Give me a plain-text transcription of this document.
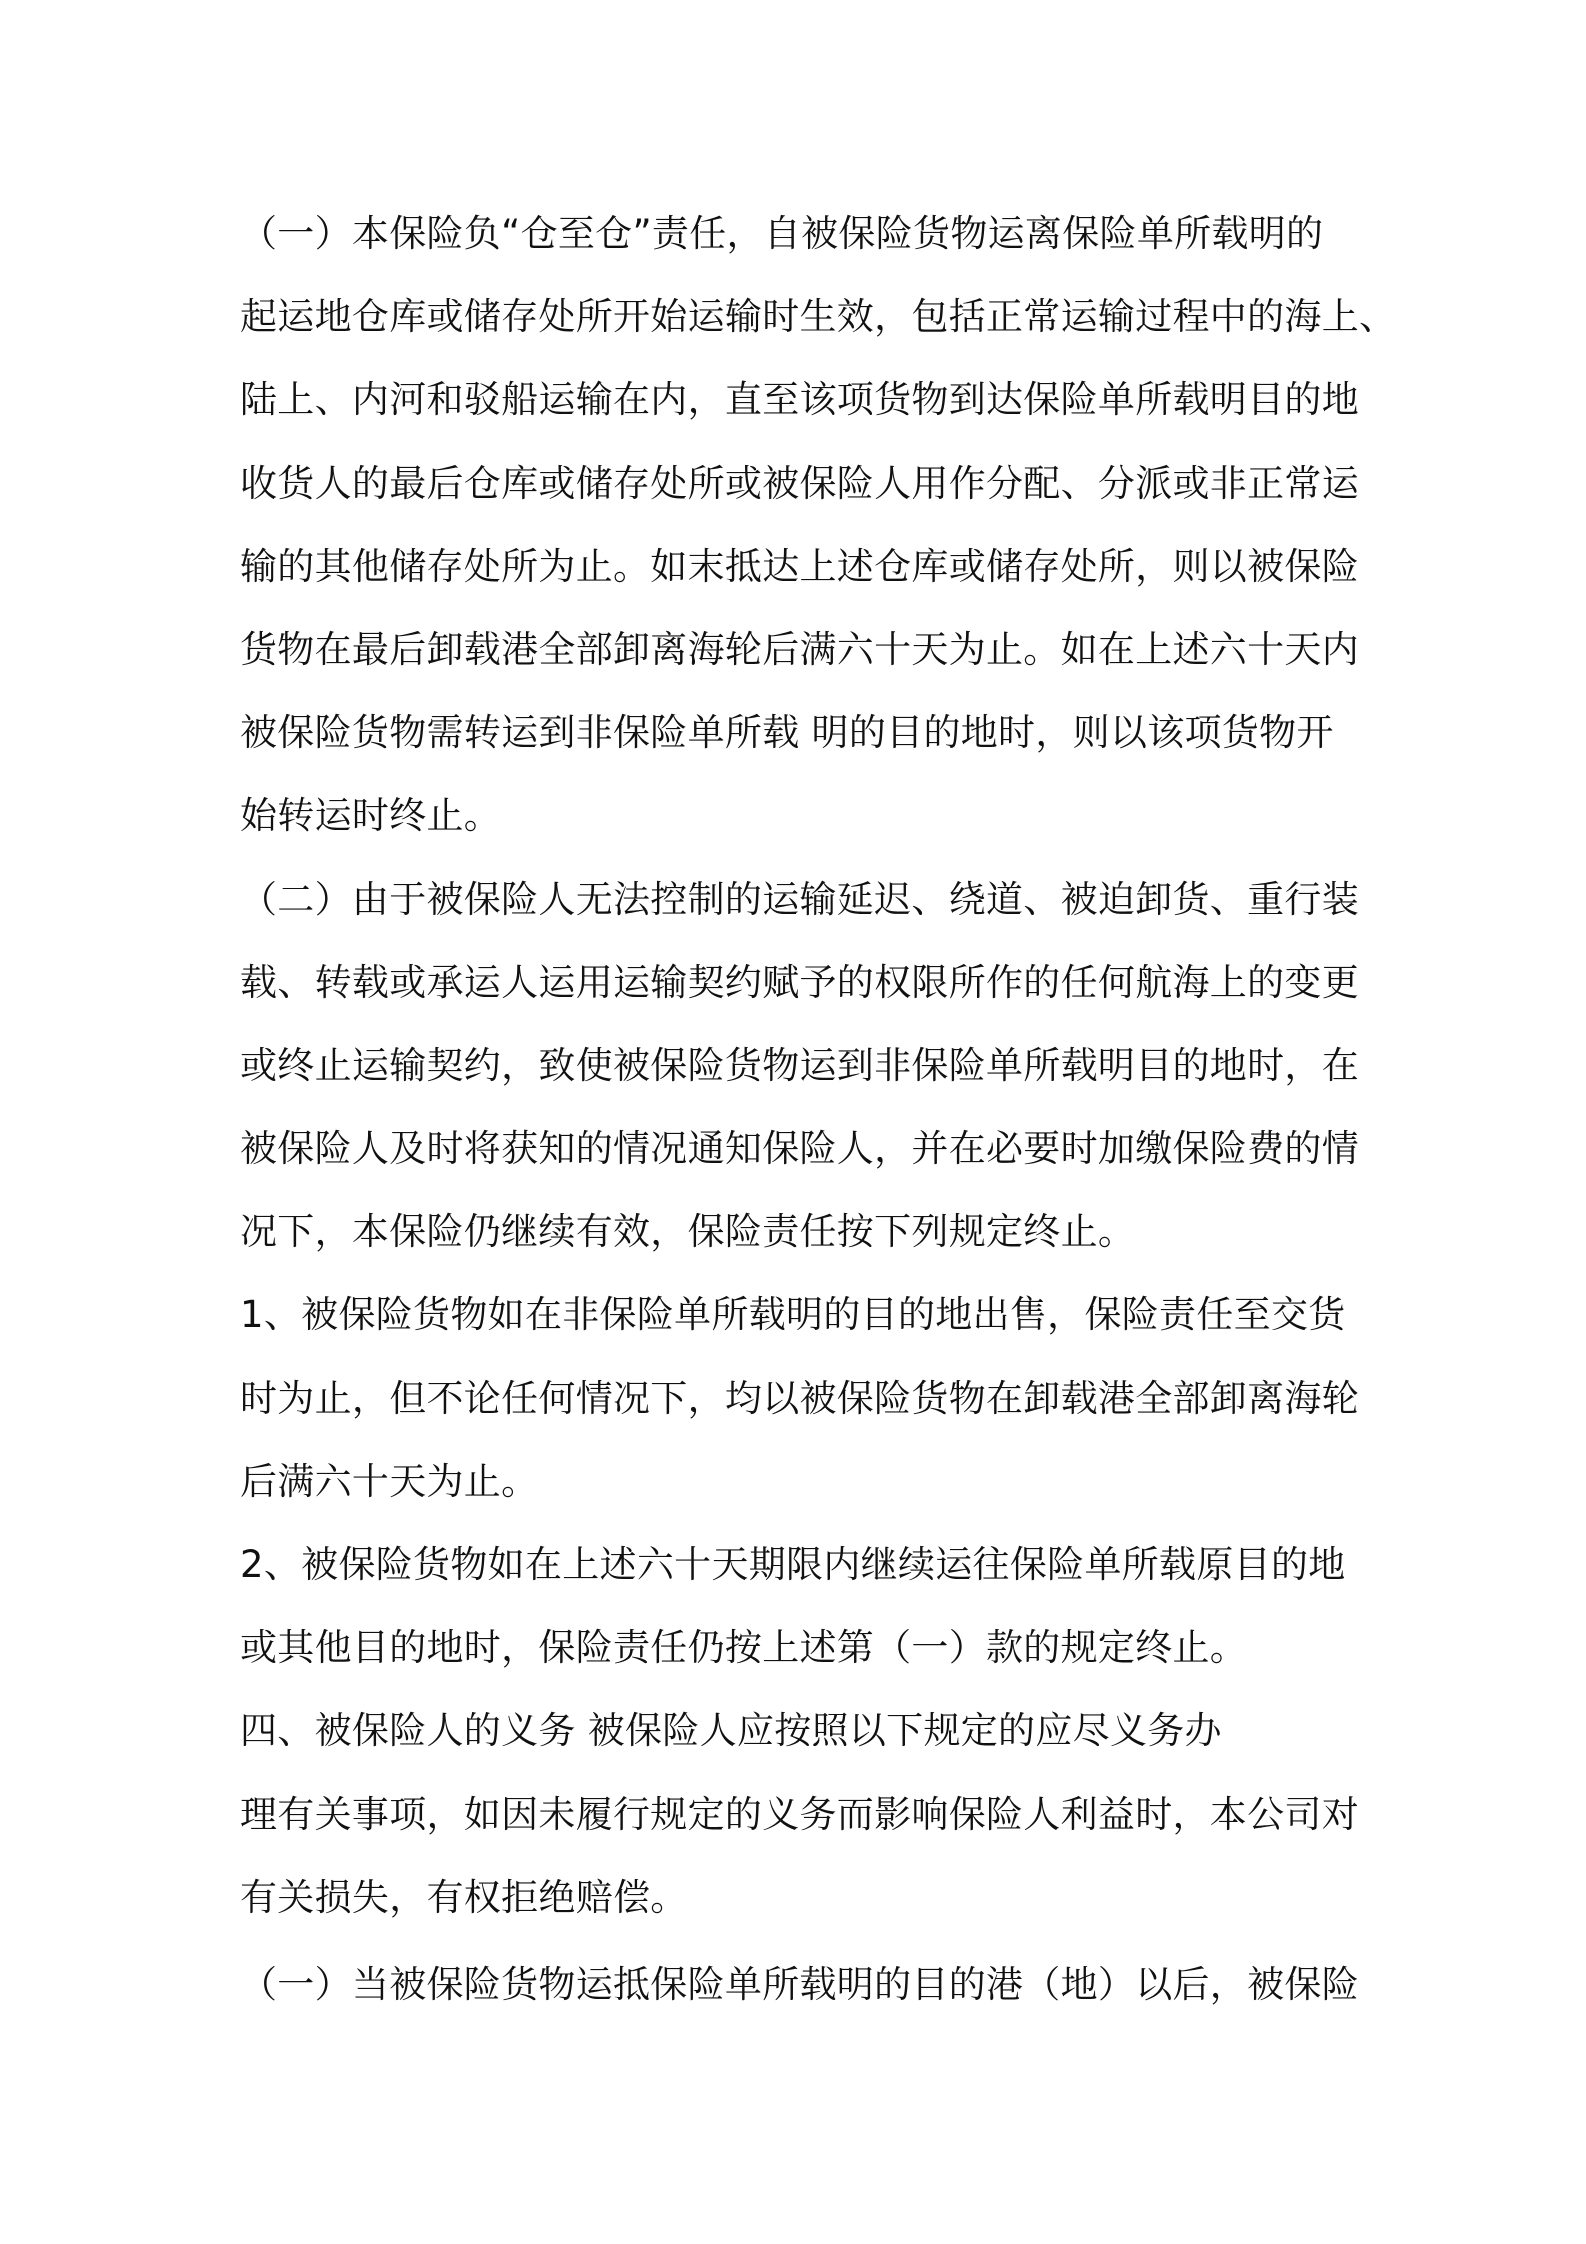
（一）本保险负“仓至仓”责任，自被保险货物运离保险单所载明的
起运地仓库或储存处所开始运输时生效，包括正常运输过程中的海上、
陆上、内河和驳船运输在内，直至该项货物到达保险单所载明目的地
收货人的最后仓库或储存处所或被保险人用作分配、分派或非正常运
输的其他储存处所为止。如末抵达上述仓库或储存处所，则以被保险
货物在最后卸载港全部卸离海轮后满六十天为止。如在上述六十天内
被保险货物需转运到非保险单所载 明的目的地时，则以该项货物开
始转运时终止。
（二）由于被保险人无法控制的运输延迟、绕道、被迫卸货、重行装
载、转载或承运人运用运输契约赋予的权限所作的任何航海上的变更
或终止运输契约，致使被保险货物运到非保险单所载明目的地时，在
被保险人及时将获知的情况通知保险人，并在必要时加缴保险费的情
况下，本保险仍继续有效，保险责任按下列规定终止。
1、被保险货物如在非保险单所载明的目的地出售，保险责任至交货
时为止，但不论任何情况下，均以被保险货物在卸载港全部卸离海轮
后满六十天为止。
2、被保险货物如在上述六十天期限内继续运往保险单所载原目的地
或其他目的地时，保险责任仍按上述第（一）款的规定终止。
四、被保险人的义务 被保险人应按照以下规定的应尽义务办
理有关事项，如因未履行规定的义务而影响保险人利益时，本公司对
有关损失，有权拒绝赔偿。
（一）当被保险货物运抵保险单所载明的目的港（地）以后，被保险
